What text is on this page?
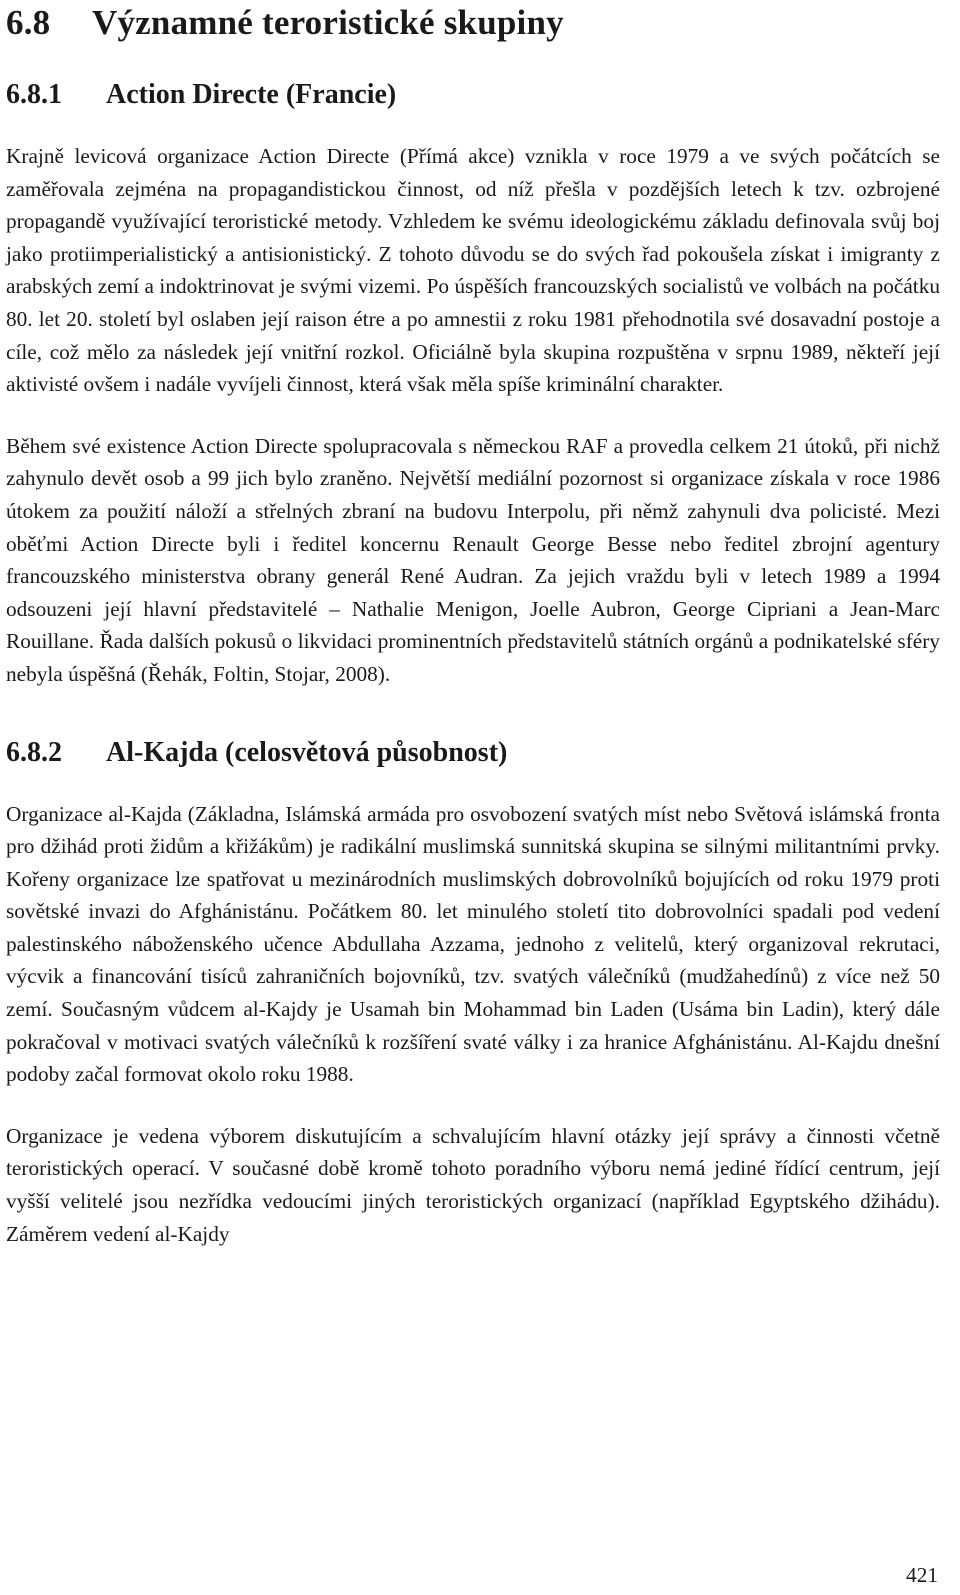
6.8 Významné teroristické skupiny
6.8.1 Action Directe (Francie)

Krajně levicová organizace Action Directe (Přímá akce) vznikla v roce 1979 a ve svých počátcích se zaměřovala zejména na propagandistickou činnost, od níž přešla v pozdějších letech k tzv. ozbrojené propagandě využívající teroristické metody. Vzhledem ke svému ideologickému základu definovala svůj boj jako protiimperialistický a antisionistický. Z tohoto důvodu se do svých řad pokoušela získat i imigranty z arabských zemí a indoktrinovat je svými vizemi. Po úspěších francouzských socialistů ve volbách na počátku 80. let 20. století byl oslaben její raison étre a po amnestii z roku 1981 přehodnotila své dosavadní postoje a cíle, což mělo za následek její vnitřní rozkol. Oficiálně byla skupina rozpuštěna v srpnu 1989, někteří její aktivisté ovšem i nadále vyvíjeli činnost, která však měla spíše kriminální charakter.

Během své existence Action Directe spolupracovala s německou RAF a provedla celkem 21 útoků, při nichž zahynulo devět osob a 99 jich bylo zraněno. Největší mediální pozornost si organizace získala v roce 1986 útokem za použití náloží a střelných zbraní na budovu Interpolu, při němž zahynuli dva policisté. Mezi oběťmi Action Directe byli i ředitel koncernu Renault George Besse nebo ředitel zbrojní agentury francouzského ministerstva obrany generál René Audran. Za jejich vraždu byli v letech 1989 a 1994 odsouzeni její hlavní představitelé – Nathalie Menigon, Joelle Aubron, George Cipriani a Jean-Marc Rouillane. Řada dalších pokusů o likvidaci prominentních představitelů státních orgánů a podnikatelské sféry nebyla úspěšná (Řehák, Foltin, Stojar, 2008).

6.8.2 Al-Kajda (celosvětová působnost)

Organizace al-Kajda (Základna, Islámská armáda pro osvobození svatých míst nebo Světová islámská fronta pro džihád proti židům a křižákům) je radikální muslimská sunnitská skupina se silnými militantními prvky. Kořeny organizace lze spatřovat u mezinárodních muslimských dobrovolníků bojujících od roku 1979 proti sovětské invazi do Afghánistánu. Počátkem 80. let minulého století tito dobrovolníci spadali pod vedení palestinského náboženského učence Abdullaha Azzama, jednoho z velitelů, který organizoval rekrutaci, výcvik a financování tisíců zahraničních bojovníků, tzv. svatých válečníků (mudžahedínů) z více než 50 zemí. Současným vůdcem al-Kajdy je Usamah bin Mohammad bin Laden (Usáma bin Ladin), který dále pokračoval v motivaci svatých válečníků k rozšíření svaté války i za hranice Afghánistánu. Al-Kajdu dnešní podoby začal formovat okolo roku 1988.

Organizace je vedena výborem diskutujícím a schvalujícím hlavní otázky její správy a činnosti včetně teroristických operací. V současné době kromě tohoto poradního výboru nemá jediné řídící centrum, její vyšší velitelé jsou nezřídka vedoucími jiných teroristických organizací (například Egyptského džihádu). Záměrem vedení al-Kajdy

421
